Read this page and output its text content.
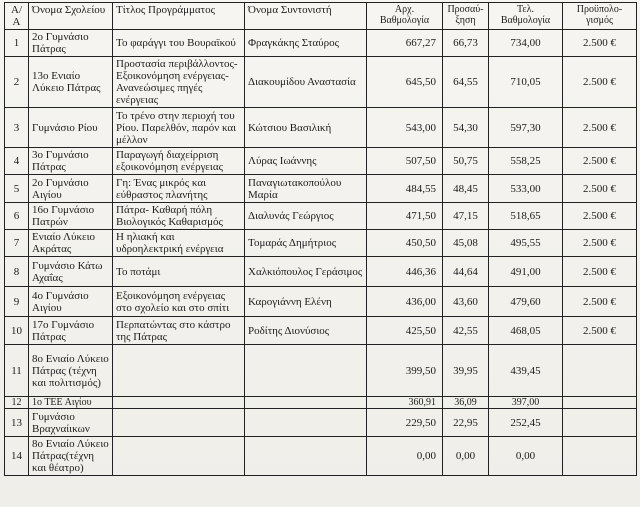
Α/Α	Όνομα Σχολείου	Τίτλος Προγράμματος	Όνομα Συντονιστή	Αρχ. Βαθμολογία	Προσαύ- ξηση	Τελ. Βαθμολογία	Προϋπολο- γισμός
1	2ο Γυμνάσιο Πάτρας	Το φαράγγι του Βουραϊκού	Φραγκάκης Σταύρος	667,27	66,73	734,00	2.500 €
2	13ο Ενιαίο Λύκειο Πάτρας	Προστασία περιβάλλοντος- Εξοικονόμηση ενέργειας- Ανανεώσιμες πηγές ενέργειας	Διακουμίδου Αναστασία	645,50	64,55	710,05	2.500 €
3	Γυμνάσιο Ρίου	Το τρένο στην περιοχή του Ρίου. Παρελθόν, παρόν και μέλλον	Κώτσιου Βασιλική	543,00	54,30	597,30	2.500 €
4	3ο Γυμνάσιο Πάτρας	Παραγωγή διαχείρριση εξοικονόμηση ενέργειας	Λύρας Ιωάννης	507,50	50,75	558,25	2.500 €
5	2ο Γυμνάσιο Αιγίου	Γη: Ένας μικρός και εύθραστος πλανήτης	Παναγιωτακοπούλου Μαρία	484,55	48,45	533,00	2.500 €
6	16ο Γυμνάσιο Πατρών	Πάτρα- Καθαρή πόλη Βιολογικός Καθαρισμός	Διαλυνάς Γεώργιος	471,50	47,15	518,65	2.500 €
7	Ενιαίο Λύκειο Ακράτας	Η ηλιακή και υδροηλεκτρική ενέργεια	Τομαράς Δημήτριος	450,50	45,08	495,55	2.500 €
8	Γυμνάσιο Κάτω Αχαΐας	Το ποτάμι	Χαλκιόπουλος Γεράσιμος	446,36	44,64	491,00	2.500 €
9	4ο Γυμνάσιο Αιγίου	Εξοικονόμηση ενέργειας στο σχολείο και στο σπίτι	Καρογιάννη Ελένη	436,00	43,60	479,60	2.500 €
10	17ο Γυμνάσιο Πάτρας	Περπατώντας στο κάστρο της Πάτρας	Ροδίτης Διονύσιος	425,50	42,55	468,05	2.500 €
11	8ο Ενιαίο Λύκειο Πάτρας (τέχνη και πολιτισμός)			399,50	39,95	439,45	
12	1ο ΤΕΕ Αιγίου			360,91	36,09	397,00	
13	Γυμνάσιο Βραχναίικων			229,50	22,95	252,45	
14	8ο Ενιαίο Λύκειο Πάτρας(τέχνη και θέατρο)			0,00	0,00	0,00	
